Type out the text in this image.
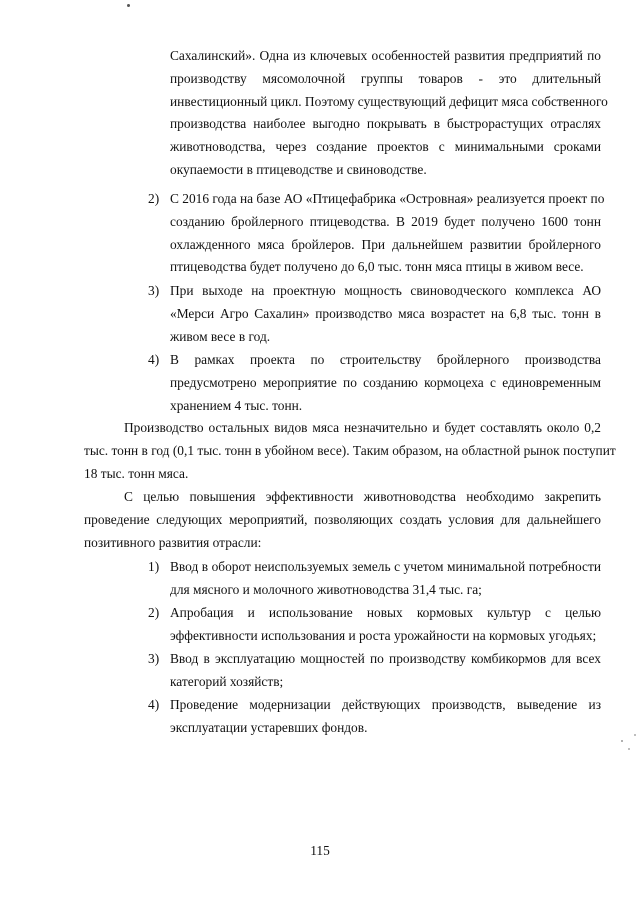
Сахалинский». Одна из ключевых особенностей развития предприятий по
производству мясомолочной группы товаров - это длительный
инвестиционный цикл. Поэтому существующий дефицит мяса собственного
производства наиболее выгодно покрывать в быстрорастущих отраслях
животноводства, через создание проектов с минимальными сроками
окупаемости в птицеводстве и свиноводстве.
2) С 2016 года на базе АО «Птицефабрика «Островная» реализуется проект по
созданию бройлерного птицеводства. В 2019 будет получено 1600 тонн
охлажденного мяса бройлеров. При дальнейшем развитии бройлерного
птицеводства будет получено до 6,0 тыс. тонн мяса птицы в живом весе.
3) При выходе на проектную мощность свиноводческого комплекса АО
«Мерси Агро Сахалин» производство мяса возрастет на 6,8 тыс. тонн в
живом весе в год.
4) В рамках проекта по строительству бройлерного производства
предусмотрено мероприятие по созданию кормоцеха с единовременным
хранением 4 тыс. тонн.
Производство остальных видов мяса незначительно и будет составлять около 0,2
тыс. тонн в год (0,1 тыс. тонн в убойном весе). Таким образом, на областной рынок поступит
18 тыс. тонн мяса.
С целью повышения эффективности животноводства необходимо закрепить
проведение следующих мероприятий, позволяющих создать условия для дальнейшего
позитивного развития отрасли:
1) Ввод в оборот неиспользуемых земель с учетом минимальной потребности
для мясного и молочного животноводства 31,4 тыс. га;
2) Апробация и использование новых кормовых культур с целью
эффективности использования и роста урожайности на кормовых угодьях;
3) Ввод в эксплуатацию мощностей по производству комбикормов для всех
категорий хозяйств;
4) Проведение модернизации действующих производств, выведение из
эксплуатации устаревших фондов.
115
